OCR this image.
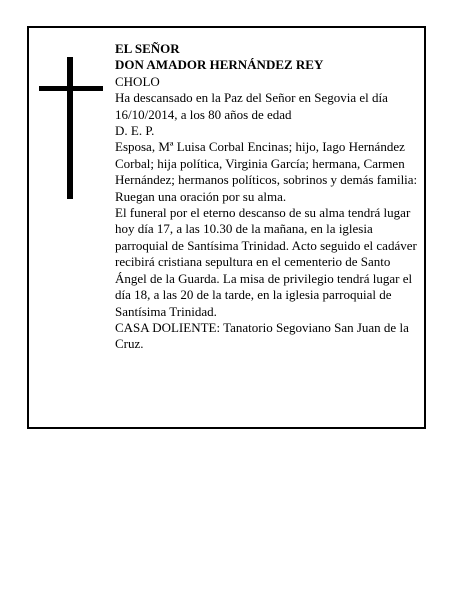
EL SEÑOR

DON AMADOR HERNÁNDEZ REY

CHOLO

Ha descansado en la Paz del Señor en Segovia el día 16/10/2014, a los 80 años de edad

D. E. P.

Esposa, Mª Luisa Corbal Encinas; hijo, Iago Hernández Corbal; hija política, Virginia García; hermana, Carmen Hernández; hermanos políticos, sobrinos y demás familia:

Ruegan una oración por su alma.

El funeral por el eterno descanso de su alma tendrá lugar hoy día 17, a las 10.30 de la mañana, en la iglesia parroquial de Santísima Trinidad. Acto seguido el cadáver recibirá cristiana sepultura en el cementerio de Santo Ángel de la Guarda. La misa de privilegio tendrá lugar el día 18, a las 20 de la tarde, en la iglesia parroquial de Santísima Trinidad.

CASA DOLIENTE: Tanatorio Segoviano San Juan de la Cruz.
